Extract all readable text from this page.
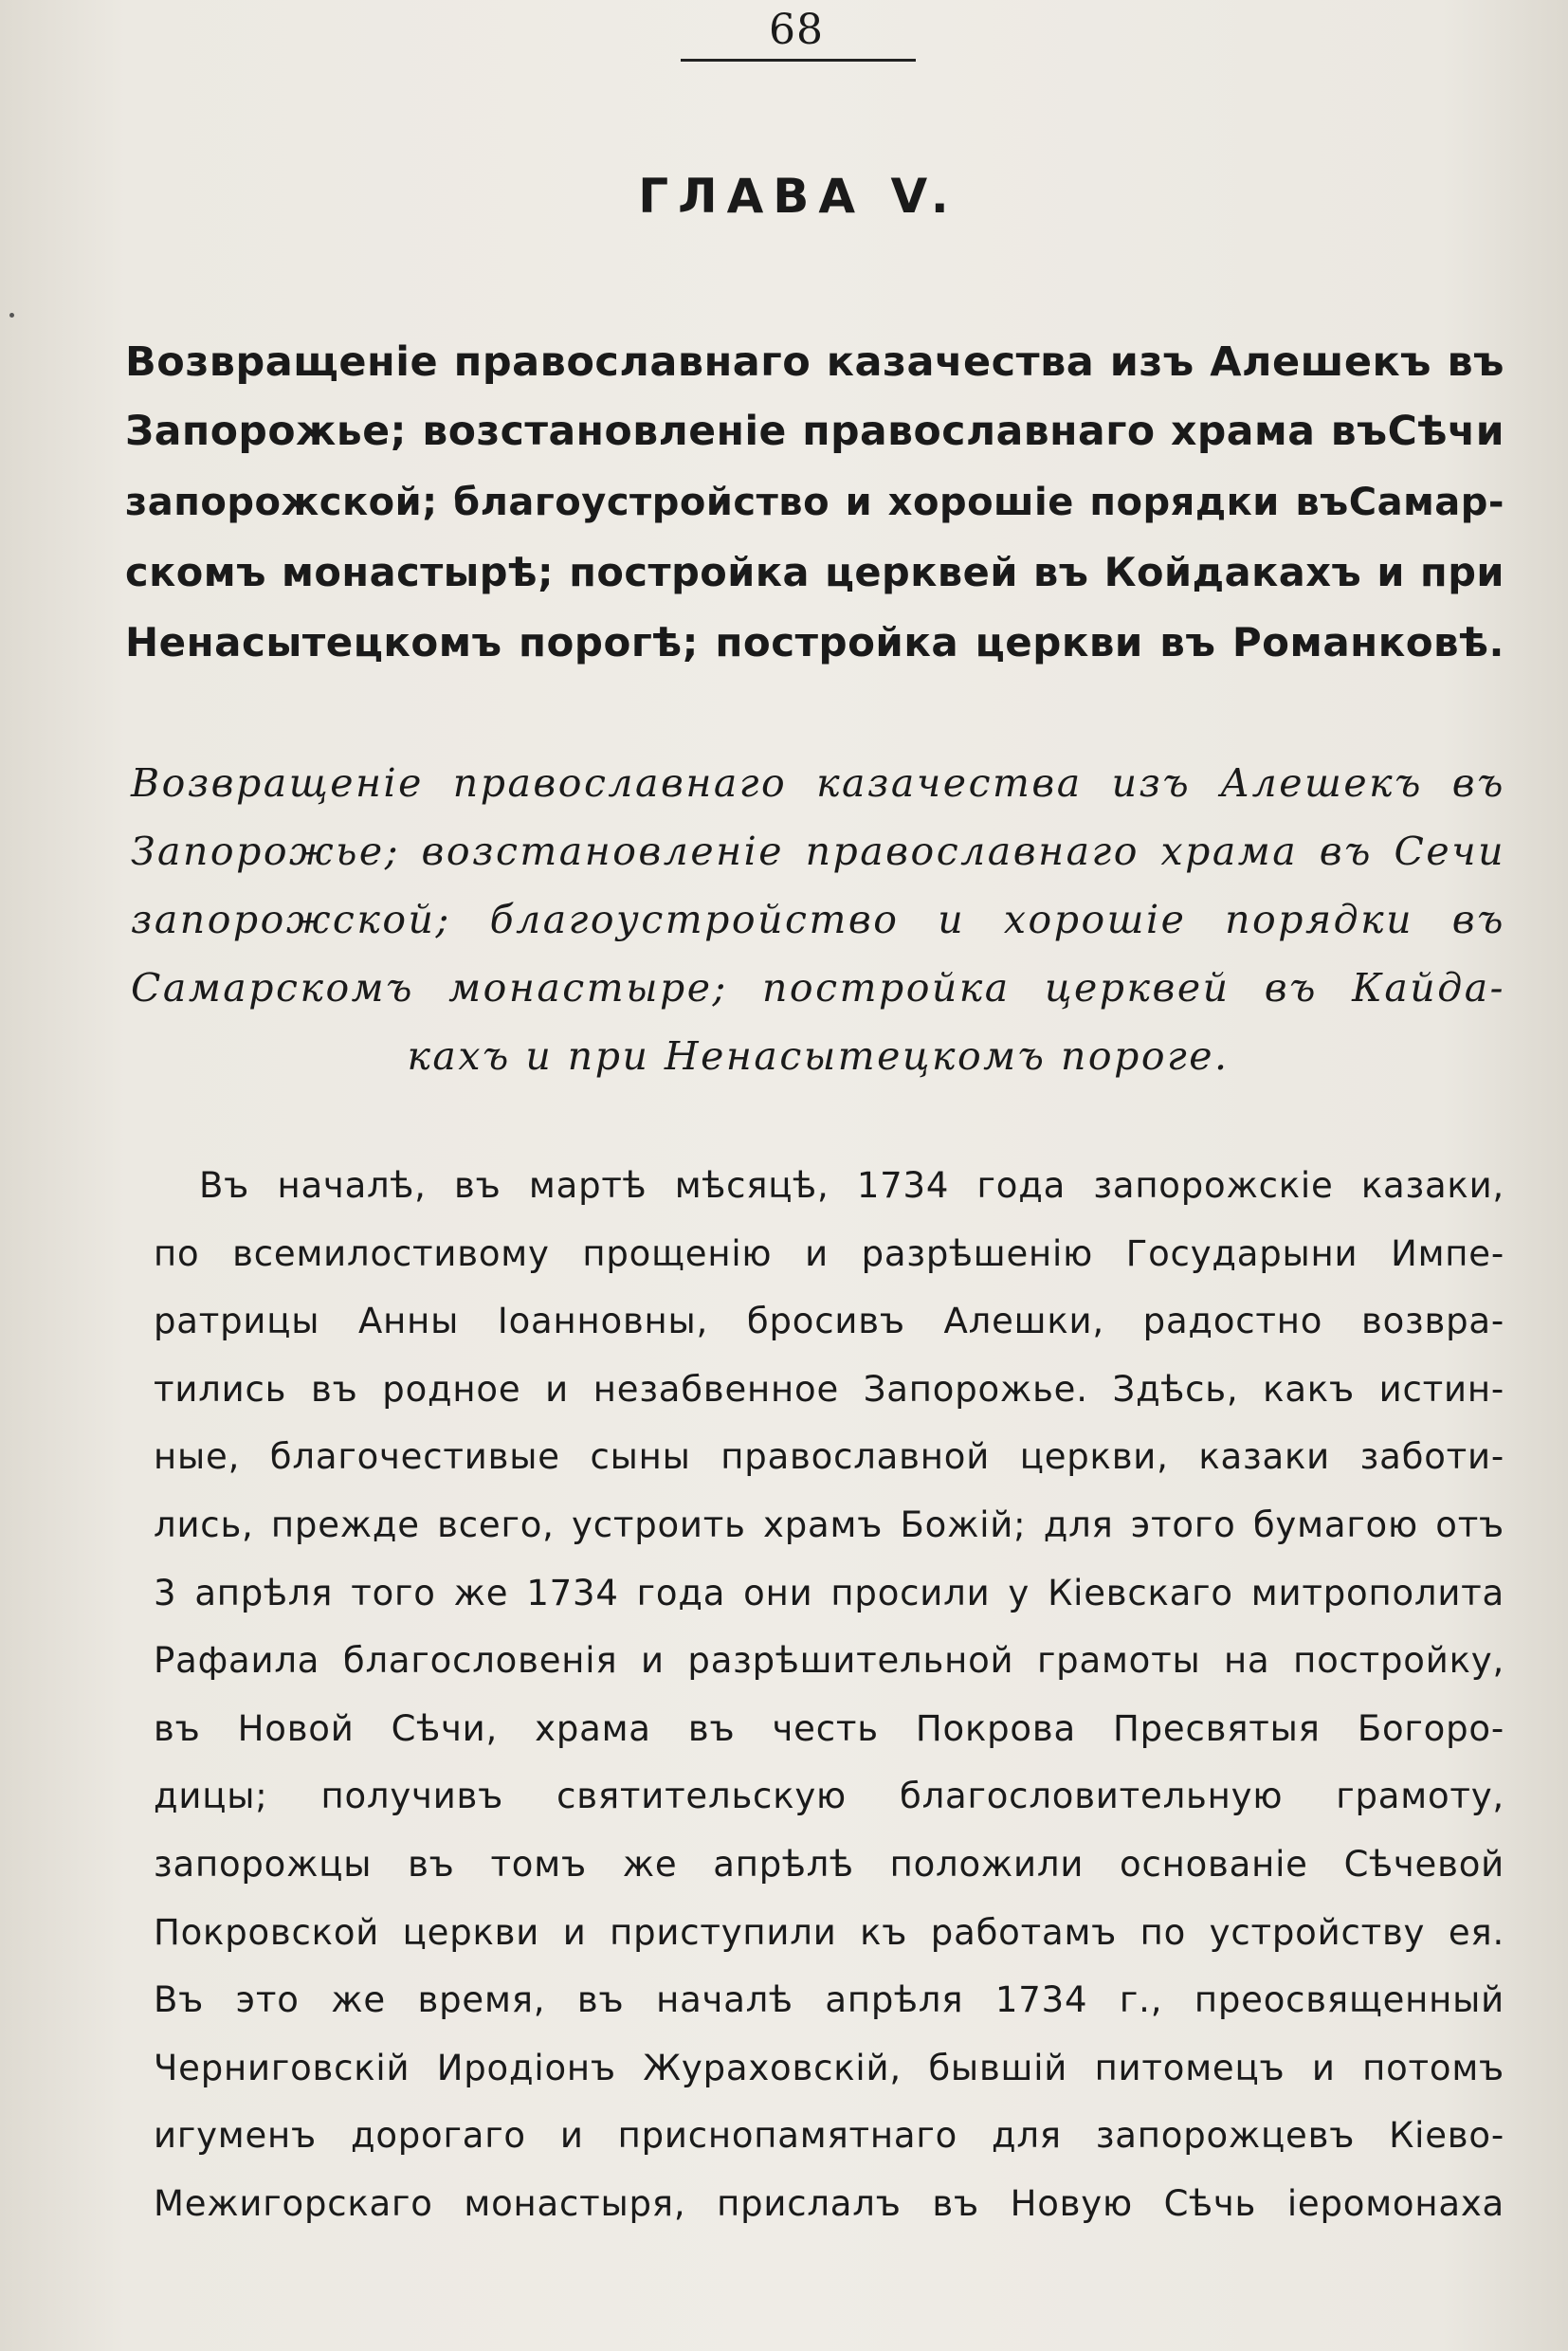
68
ГЛАВА V.
Возвращеніе православнаго казачества изъ Алешекъ въ
Запорожье; возстановленіе православнаго храма въСѣчи
запорожской; благоустройство и хорошіе порядки въСамар-
скомъ монастырѣ; постройка церквей въ Койдакахъ и при
Ненасытецкомъ порогѣ; постройка церкви въ Романковѣ.
Возвращеніе православнаго казачества изъ Алешекъ въ
Запорожье; возстановленіе православнаго храма въ Сечи
запорожской; благоустройство и хорошіе порядки въ
Самарскомъ монастыре; постройка церквей въ Кайда-
кахъ и при Ненасытецкомъ пороге.
Въ началѣ, въ мартѣ мѣсяцѣ, 1734 года запорожскіе казаки,
по всемилостивому прощенію и разрѣшенію Государыни Импе-
ратрицы Анны Іоанновны, бросивъ Алешки, радостно возвра-
тились въ родное и незабвенное Запорожье. Здѣсь, какъ истин-
ные, благочестивые сыны православной церкви, казаки заботи-
лись, прежде всего, устроить храмъ Божій; для этого бумагою отъ
3 апрѣля того же 1734 года они просили у Кіевскаго митрополита
Рафаила благословенія и разрѣшительной грамоты на постройку,
въ Новой Сѣчи, храма въ честь Покрова Пресвятыя Богоро-
дицы; получивъ святительскую благословительную грамоту,
запорожцы въ томъ же апрѣлѣ положили основаніе Сѣчевой
Покровской церкви и приступили къ работамъ по устройству ея.
Въ это же время, въ началѣ апрѣля 1734 г., преосвященный
Черниговскій Иродіонъ Жураховскій, бывшій питомецъ и потомъ
игуменъ дорогаго и приснопамятнаго для запорожцевъ Кіево-
Межигорскаго монастыря, прислалъ въ Новую Сѣчь іеромонаха
